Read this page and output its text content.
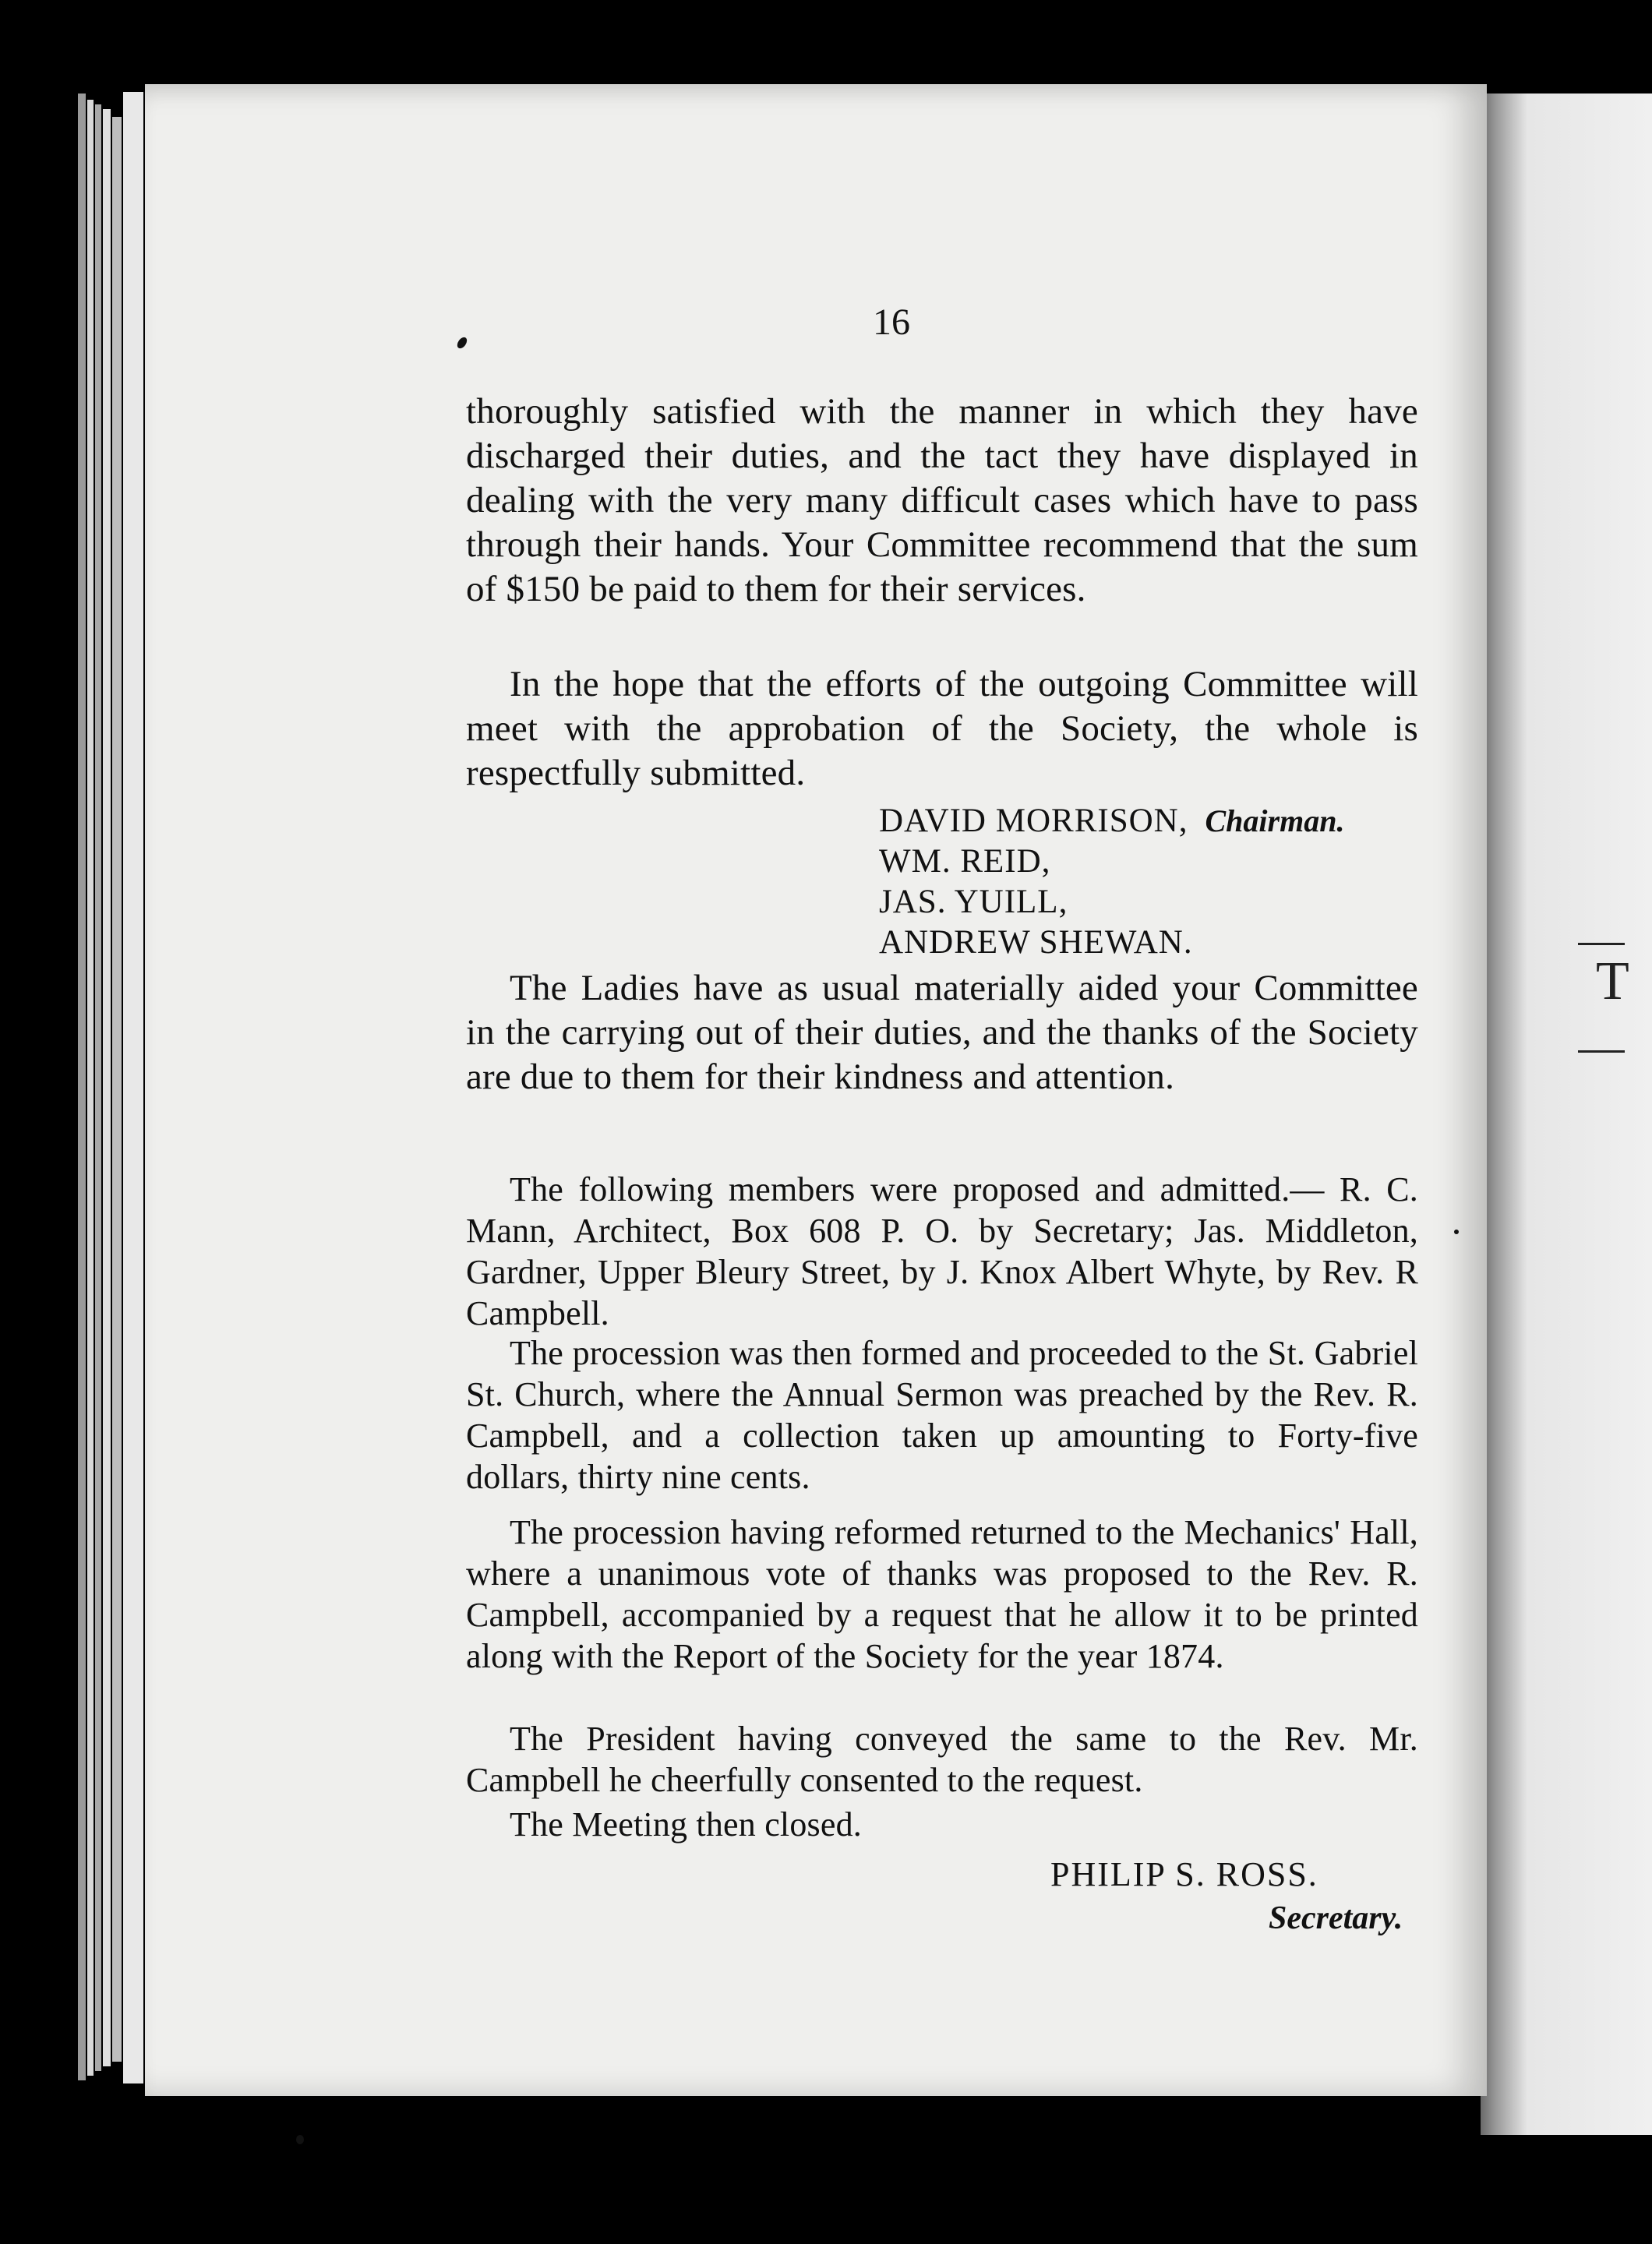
T
16
thoroughly satisfied with the manner in which they have discharged their duties, and the tact they have displayed in dealing with the very many difficult cases which have to pass through their hands. Your Committee recommend that the sum of $150 be paid to them for their services.
In the hope that the efforts of the outgoing Committee will meet with the approbation of the Society, the whole is respectfully submitted.
DAVID MORRISON, Chairman.
WM. REID,
JAS. YUILL,
ANDREW SHEWAN.
The Ladies have as usual materially aided your Committee in the carrying out of their duties, and the thanks of the Society are due to them for their kindness and attention.
The following members were proposed and admitted.— R. C. Mann, Architect, Box 608 P. O. by Secretary; Jas. Middleton, Gardner, Upper Bleury Street, by J. Knox Albert Whyte, by Rev. R Campbell.
The procession was then formed and proceeded to the St. Gabriel St. Church, where the Annual Sermon was preached by the Rev. R. Campbell, and a collection taken up amounting to Forty-five dollars, thirty nine cents.
The procession having reformed returned to the Mechanics' Hall, where a unanimous vote of thanks was proposed to the Rev. R. Campbell, accompanied by a request that he allow it to be printed along with the Report of the Society for the year 1874.
The President having conveyed the same to the Rev. Mr. Campbell he cheerfully consented to the request.
The Meeting then closed.
PHILIP S. ROSS.
Secretary.
